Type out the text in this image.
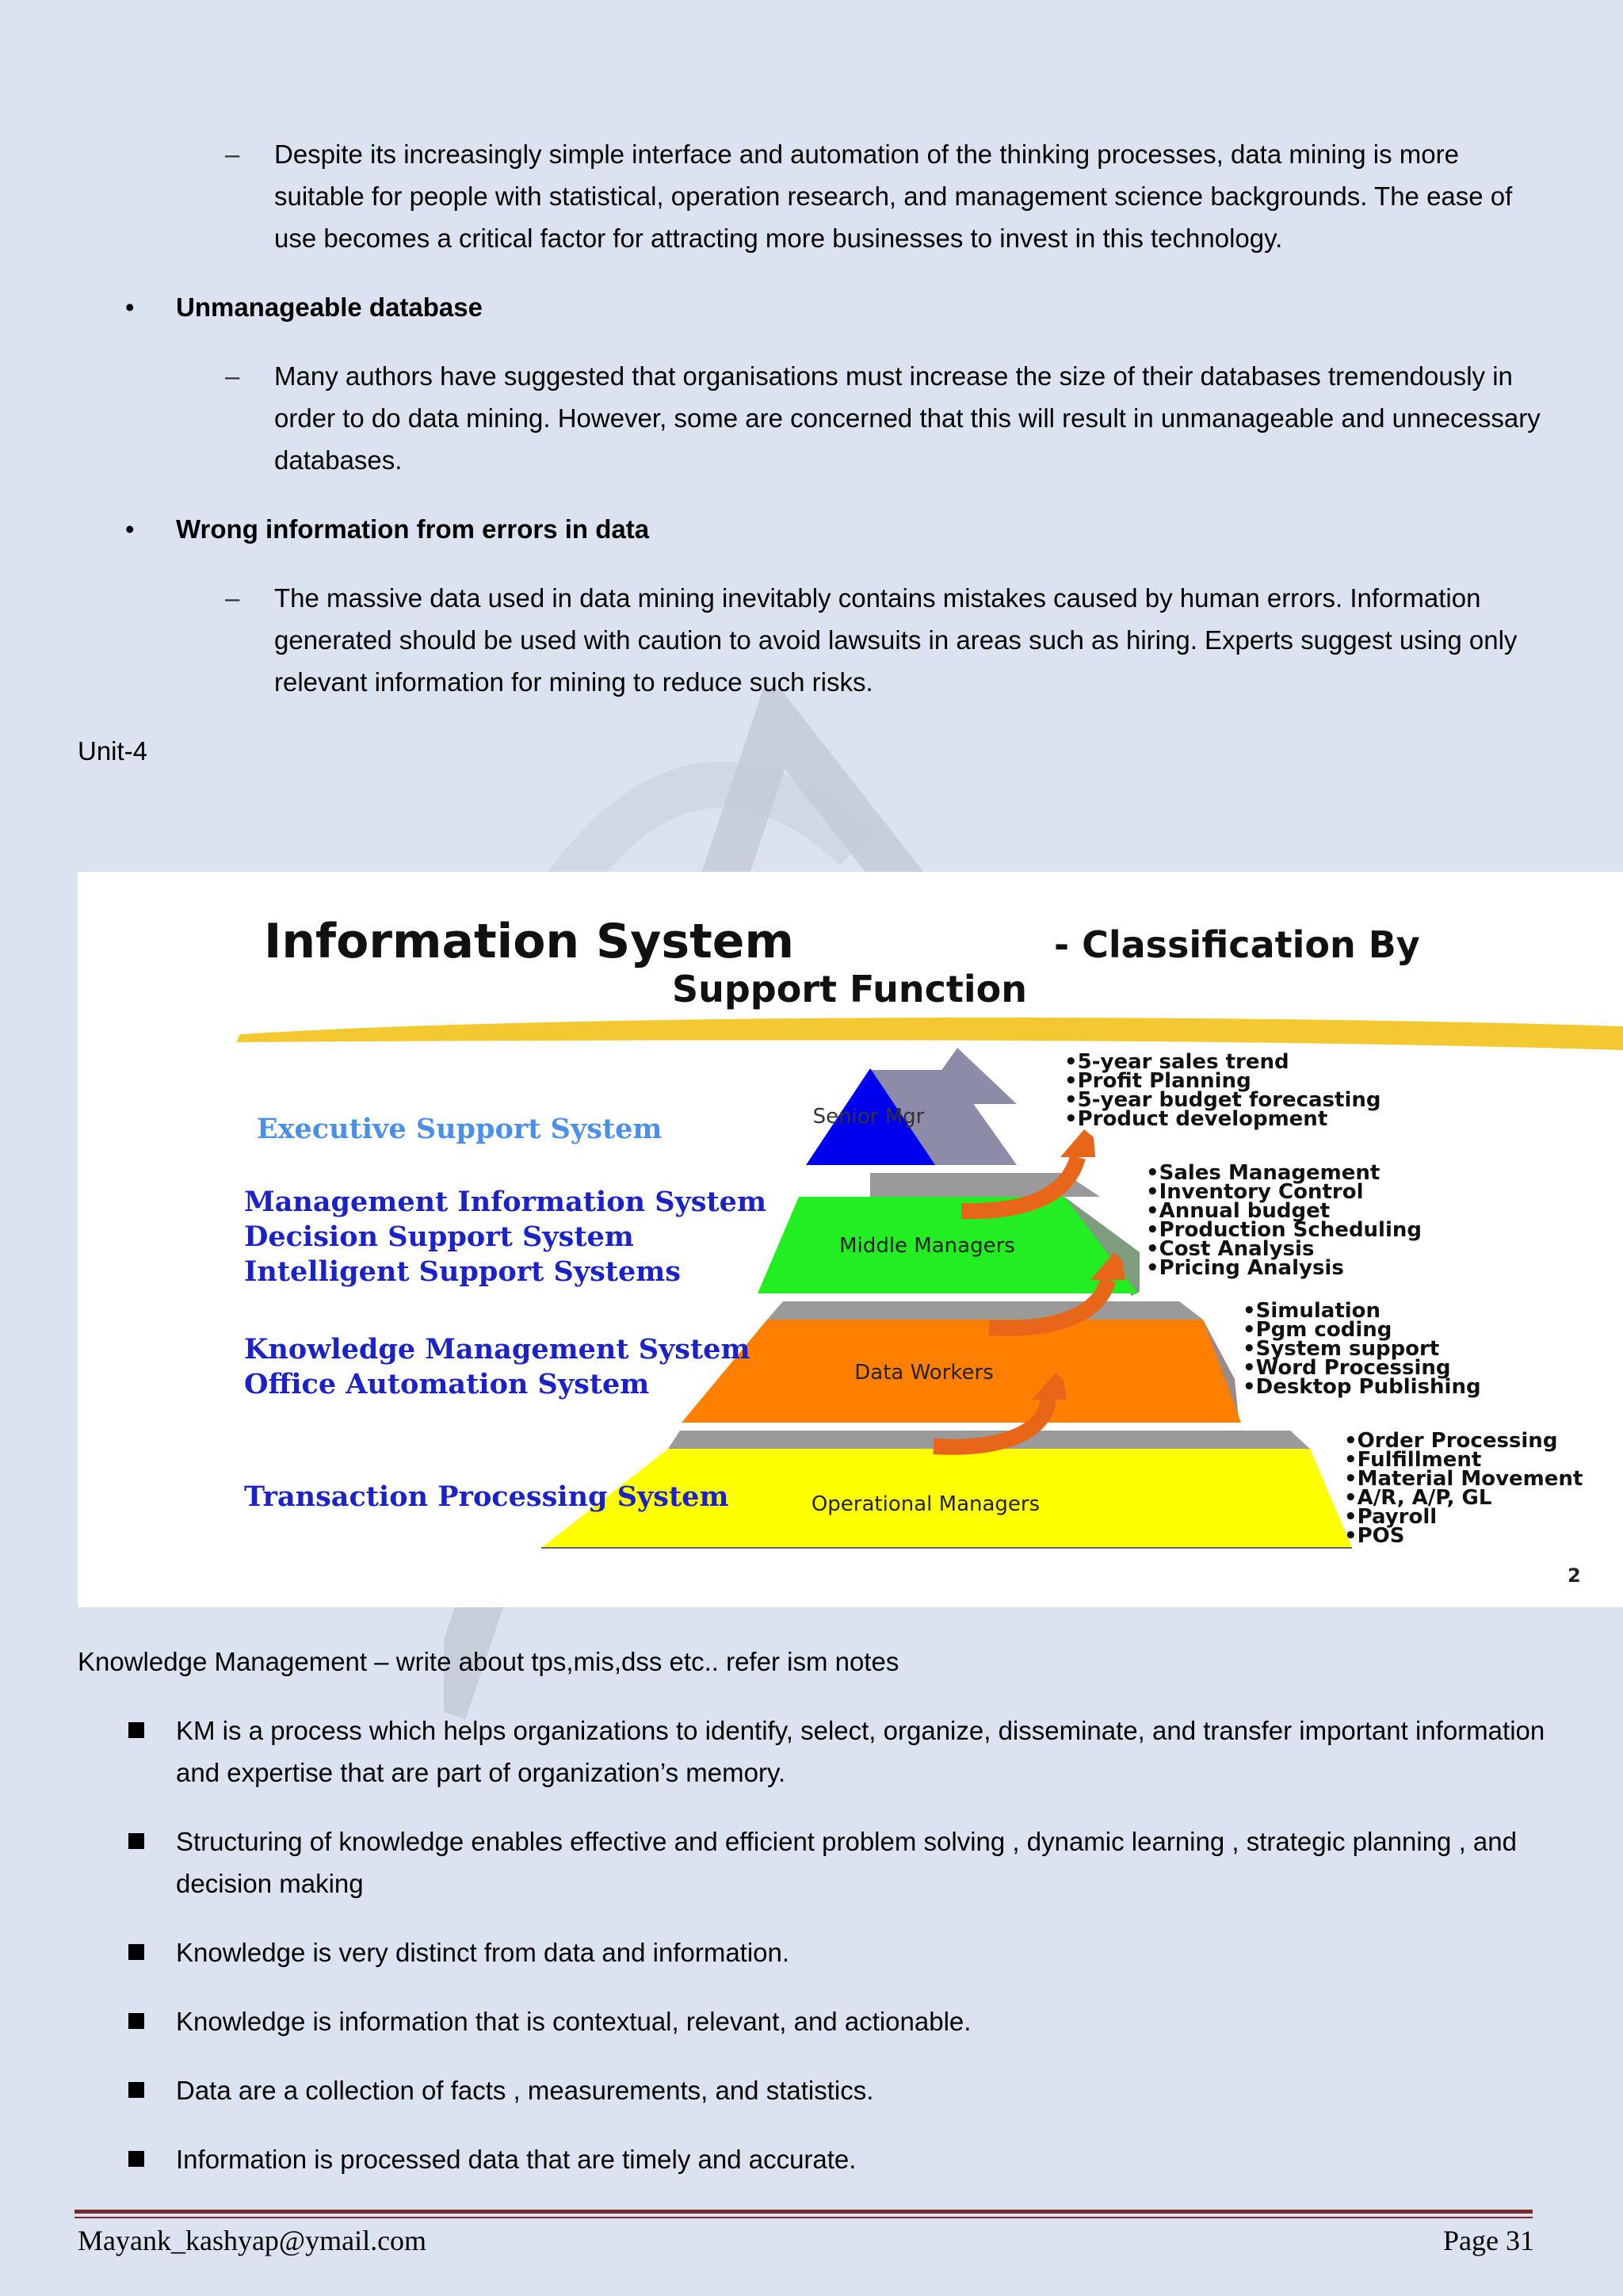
– Despite its increasingly simple interface and automation of the thinking processes, data mining is more suitable for people with statistical, operation research, and management science backgrounds. The ease of use becomes a critical factor for attracting more businesses to invest in this technology.
• Unmanageable database
– Many authors have suggested that organisations must increase the size of their databases tremendously in order to do data mining. However, some are concerned that this will result in unmanageable and unnecessary databases.
• Wrong information from errors in data
– The massive data used in data mining inevitably contains mistakes caused by human errors. Information generated should be used with caution to avoid lawsuits in areas such as hiring. Experts suggest using only relevant information for mining to reduce such risks.
Unit-4
Information System	- Classification By
Support Function
Senior Mgr
Middle Managers
Data Workers
Operational Managers
Executive Support System
Management Information System
Decision Support System
Intelligent Support Systems
Knowledge Management System
Office Automation System
Transaction Processing System
•5-year sales trend
•Profit Planning
•5-year budget forecasting
•Product development
•Sales Management
•Inventory Control
•Annual budget
•Production Scheduling
•Cost Analysis
•Pricing Analysis
•Simulation
•Pgm coding
•System support
•Word Processing
•Desktop Publishing
•Order Processing
•Fulfillment
•Material Movement
•A/R, A/P, GL
•Payroll
•POS
2
Knowledge Management – write about tps,mis,dss etc.. refer ism notes
KM is a process which helps organizations to identify, select, organize, disseminate, and transfer important information and expertise that are part of organization’s memory.
Structuring of knowledge enables effective and efficient problem solving , dynamic learning , strategic planning , and decision making
Knowledge is very distinct from data and information.
Knowledge is information that is contextual, relevant, and actionable.
Data are a collection of facts , measurements, and statistics.
Information is processed data that are timely and accurate.
Mayank_kashyap@ymail.com	Page 31
